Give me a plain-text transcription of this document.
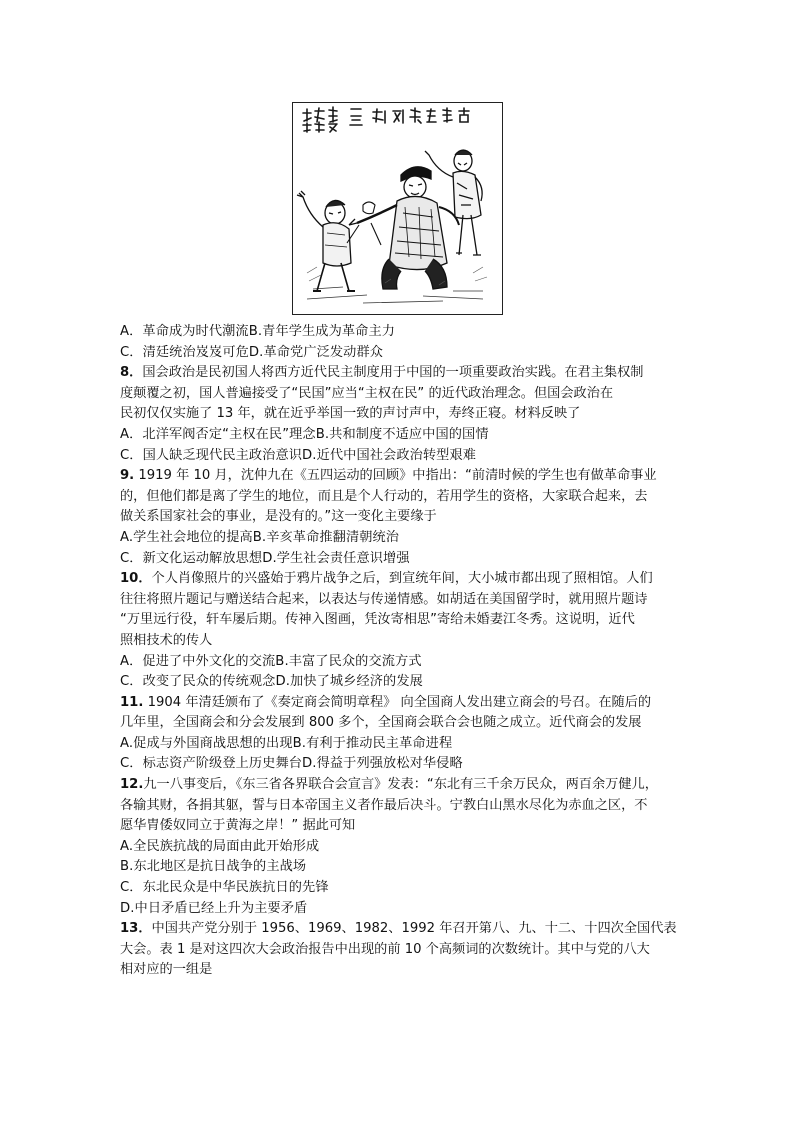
A．革命成为时代潮流B.青年学生成为革命主力
C．清廷统治岌岌可危D.革命党广泛发动群众
8．国会政治是民初国人将西方近代民主制度用于中国的一项重要政治实践。在君主集权制
度颠覆之初，国人普遍接受了“民国”应当“主权在民” 的近代政治理念。但国会政治在
民初仅仅实施了 13 年，就在近乎举国一致的声讨声中，寿终正寝。材料反映了
A．北洋军阀否定“主权在民”理念B.共和制度不适应中国的国情
C．国人缺乏现代民主政治意识D.近代中国社会政治转型艰难
9. 1919 年 10 月，沈仲九在《五四运动的回顾》中指出：“前清时候的学生也有做革命事业
的，但他们都是离了学生的地位，而且是个人行动的，若用学生的资格，大家联合起来，去
做关系国家社会的事业，是没有的。”这一变化主要缘于
A.学生社会地位的提高B.辛亥革命推翻清朝统治
C．新文化运动解放思想D.学生社会责任意识增强
10．个人肖像照片的兴盛始于鸦片战争之后，到宣统年间，大小城市都出现了照相馆。人们
往往将照片题记与赠送结合起来，以表达与传递情感。如胡适在美国留学时，就用照片题诗
“万里远行役，轩车屡后期。传神入图画，凭汝寄相思”寄给未婚妻江冬秀。这说明，近代
照相技术的传人
A．促进了中外文化的交流B.丰富了民众的交流方式
C．改变了民众的传统观念D.加快了城乡经济的发展
11. 1904 年清廷颁布了《奏定商会简明章程》 向全国商人发出建立商会的号召。在随后的
几年里，全国商会和分会发展到 800 多个，全国商会联合会也随之成立。近代商会的发展
A.促成与外国商战思想的出现B.有利于推动民主革命进程
C．标志资产阶级登上历史舞台D.得益于列强放松对华侵略
12.九一八事变后，《东三省各界联合会宣言》发表：“东北有三千余万民众，两百余万健儿，
各输其财，各捐其躯，誓与日本帝国主义者作最后决斗。宁教白山黑水尽化为赤血之区，不
愿华胄倭奴同立于黄海之岸！” 据此可知
A.全民族抗战的局面由此开始形成
B.东北地区是抗日战争的主战场
C．东北民众是中华民族抗日的先锋
D.中日矛盾已经上升为主要矛盾
13．中国共产党分别于 1956、1969、1982、1992 年召开第八、九、十二、十四次全国代表
大会。表 1 是对这四次大会政治报告中出现的前 10 个高频词的次数统计。其中与党的八大
相对应的一组是
